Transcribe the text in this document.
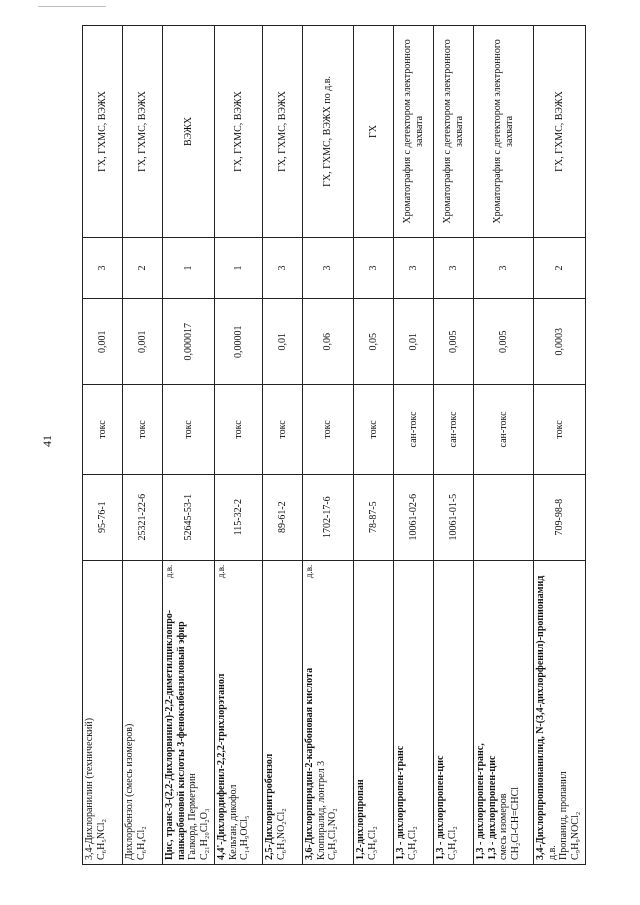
41
3,4-Дихлоранилин (технический) C₆H₅NCl₂	95-76-1	токс	0,001	3	ГХ, ГХМС, ВЭЖХ

Дихлорбензол (смесь изомеров) C₆H₄Cl₂	25321-22-6	токс	0,001	2	ГХ, ГХМС, ВЭЖХ

д.в.
Цис, транс-3-(2,2-Дихлорвинил)-2,2-диметилциклопро- панкарбоновой кислоты 3-феноксибензиловый эфир Галкорд, Перметрин C₂₁H₂₀Cl₂O₃	52645-53-1	токс	0,000017	1	ВЭЖХ

д.в.
4,4'-Дихлордифенил-2,2,2-трихлорэтанол Кельтан, дикофол C₁₄H₉OCl₅	115-32-2	токс	0,00001	1	ГХ, ГХМС, ВЭЖХ

2,5-Дихлорнитробензол C₆H₃NO₂Cl₂	89-61-2	токс	0,01	3	ГХ, ГХМС, ВЭЖХ

д.в.
3,6-Дихлорпиридин-2-карбоновая кислота Клопиралид, лонтрел 3 C₆H₃Cl₂NO₂	1702-17-6	токс	0,06	3	ГХ, ГХМС, ВЭЖХ по д.в.

1,2-дихлорпропан C₃H₆Cl₂	78-87-5	токс	0,05	3	ГХ

1,3 - дихлорпропен-транс C₃H₄Cl₂	10061-02-6	сан-токс	0,01	3	Хроматография с детектором электронного захвата

1,3 - дихлорпропен-цис C₃H₄Cl₂	10061-01-5	сан-токс	0,005	3	Хроматография с детектором электронного захвата

1,3 - дихлорпропен-транс, 1,3 - дихлорпропен-цис смесь изомеров CH₂Cl-CH=CHCl		сан-токс	0,005	3	Хроматография с детектором электронного захвата

3,4-Дихлорпропионанилид, N-(3,4-дихлорфенил)-пропионамид д.в. Пропанид, пропанил C₉H₉NOCl₂	709-98-8	токс	0,0003	2	ГХ, ГХМС, ВЭЖХ
